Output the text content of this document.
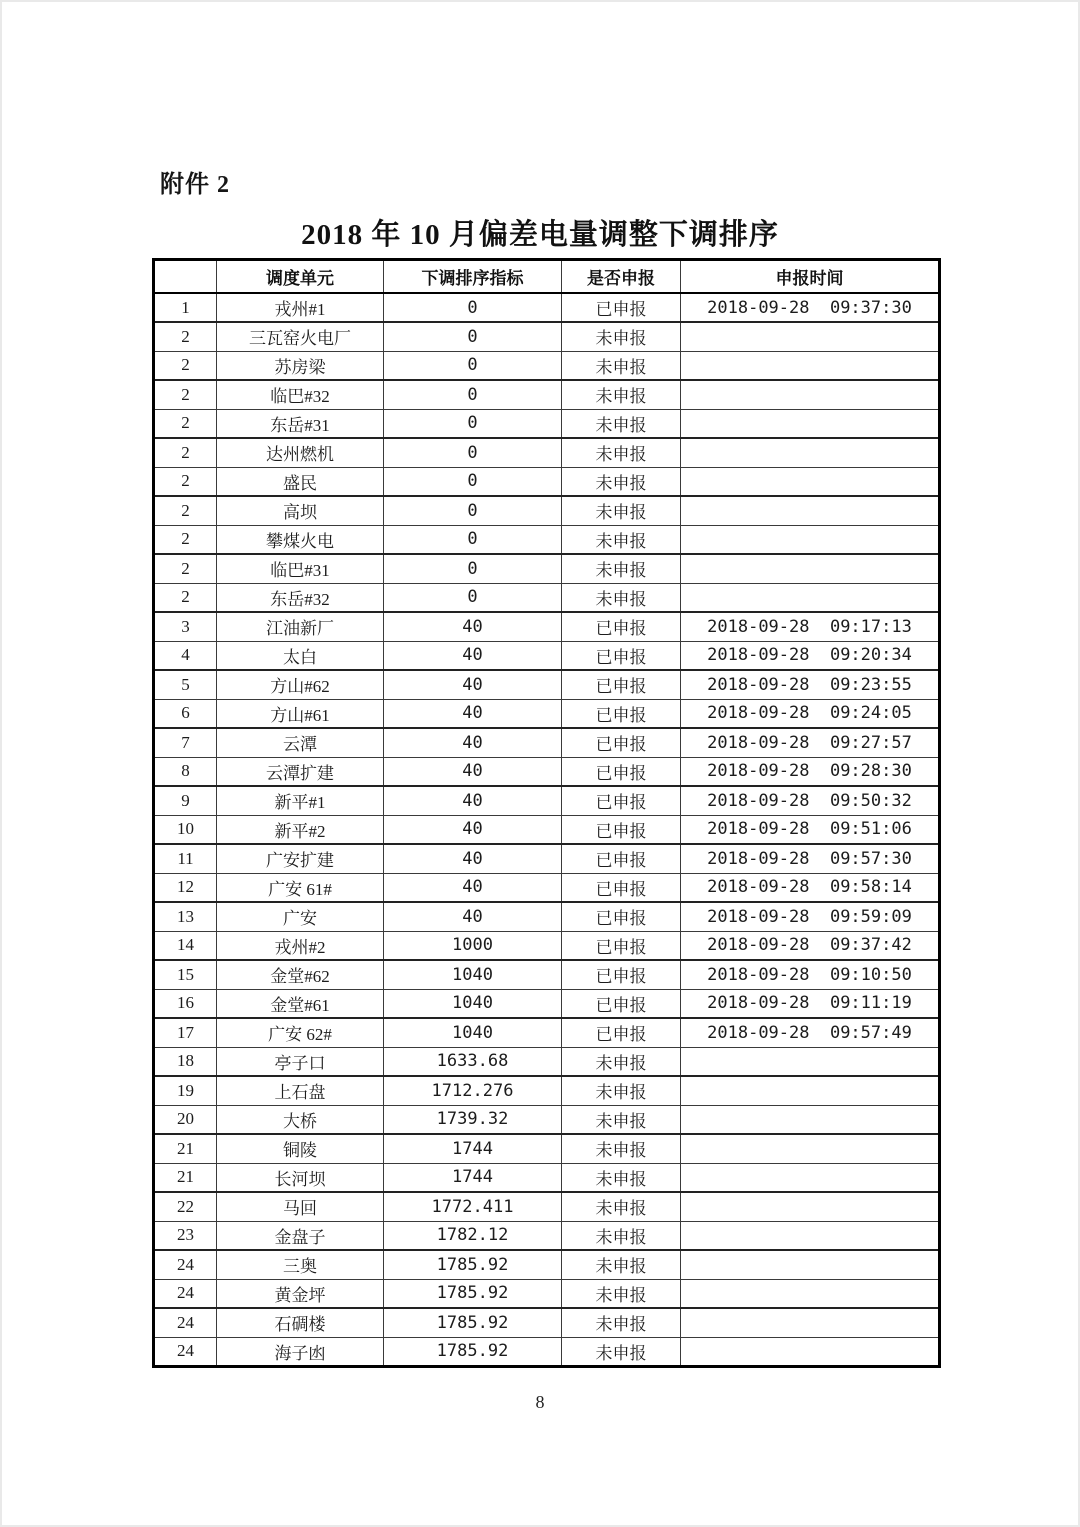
附件 2
2018 年 10 月偏差电量调整下调排序
	调度单元	下调排序指标	是否申报	申报时间
1	戎州#1	0	已申报	2018-09-28  09:37:30
2	三瓦窑火电厂	0	未申报	
2	苏房梁	0	未申报	
2	临巴#32	0	未申报	
2	东岳#31	0	未申报	
2	达州燃机	0	未申报	
2	盛民	0	未申报	
2	高坝	0	未申报	
2	攀煤火电	0	未申报	
2	临巴#31	0	未申报	
2	东岳#32	0	未申报	
3	江油新厂	40	已申报	2018-09-28  09:17:13
4	太白	40	已申报	2018-09-28  09:20:34
5	方山#62	40	已申报	2018-09-28  09:23:55
6	方山#61	40	已申报	2018-09-28  09:24:05
7	云潭	40	已申报	2018-09-28  09:27:57
8	云潭扩建	40	已申报	2018-09-28  09:28:30
9	新平#1	40	已申报	2018-09-28  09:50:32
10	新平#2	40	已申报	2018-09-28  09:51:06
11	广安扩建	40	已申报	2018-09-28  09:57:30
12	广安 61#	40	已申报	2018-09-28  09:58:14
13	广安	40	已申报	2018-09-28  09:59:09
14	戎州#2	1000	已申报	2018-09-28  09:37:42
15	金堂#62	1040	已申报	2018-09-28  09:10:50
16	金堂#61	1040	已申报	2018-09-28  09:11:19
17	广安 62#	1040	已申报	2018-09-28  09:57:49
18	亭子口	1633.68	未申报	
19	上石盘	1712.276	未申报	
20	大桥	1739.32	未申报	
21	铜陵	1744	未申报	
21	长河坝	1744	未申报	
22	马回	1772.411	未申报	
23	金盘子	1782.12	未申报	
24	三奥	1785.92	未申报	
24	黄金坪	1785.92	未申报	
24	石碉楼	1785.92	未申报	
24	海子凼	1785.92	未申报	
8
